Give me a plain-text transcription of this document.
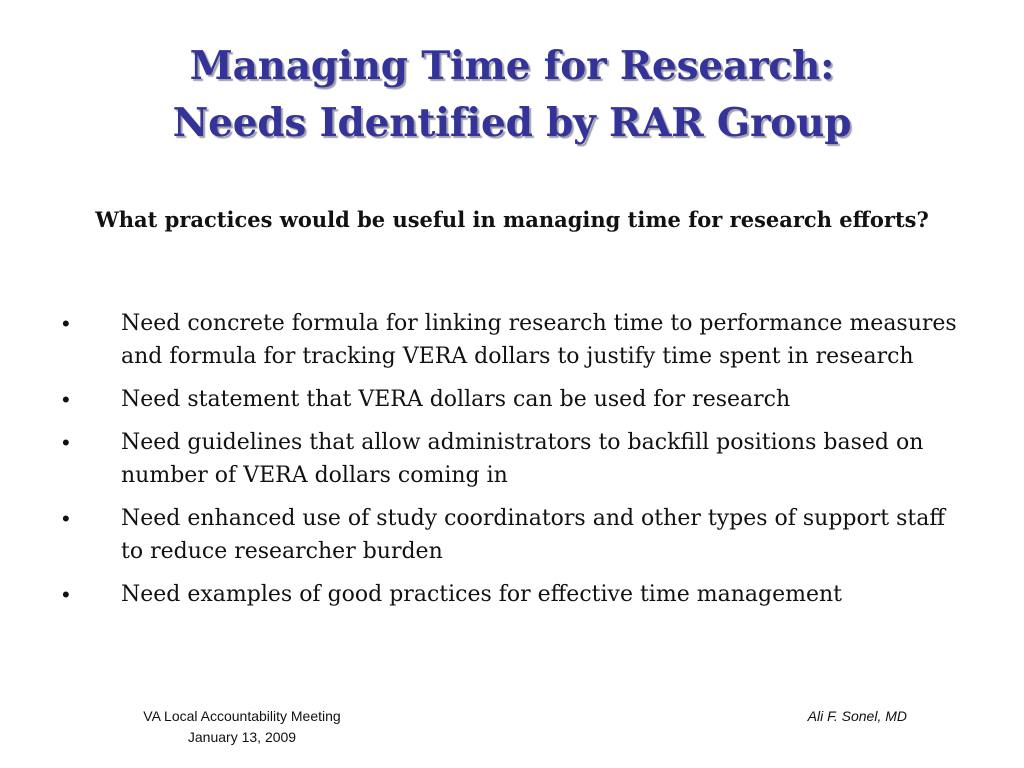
Managing Time for Research:
Needs Identified by RAR Group
What practices would be useful in managing time for research efforts?
•	Need concrete formula for linking research time to performance measures and formula for tracking VERA dollars to justify time spent in research
•	Need statement that VERA dollars can be used for research
•	Need guidelines that allow administrators to backfill positions based on number of VERA dollars coming in
•	Need enhanced use of study coordinators and other types of support staff to reduce researcher burden
•	Need examples of good practices for effective time management
VA Local Accountability Meeting
January 13, 2009
Ali F. Sonel, MD
